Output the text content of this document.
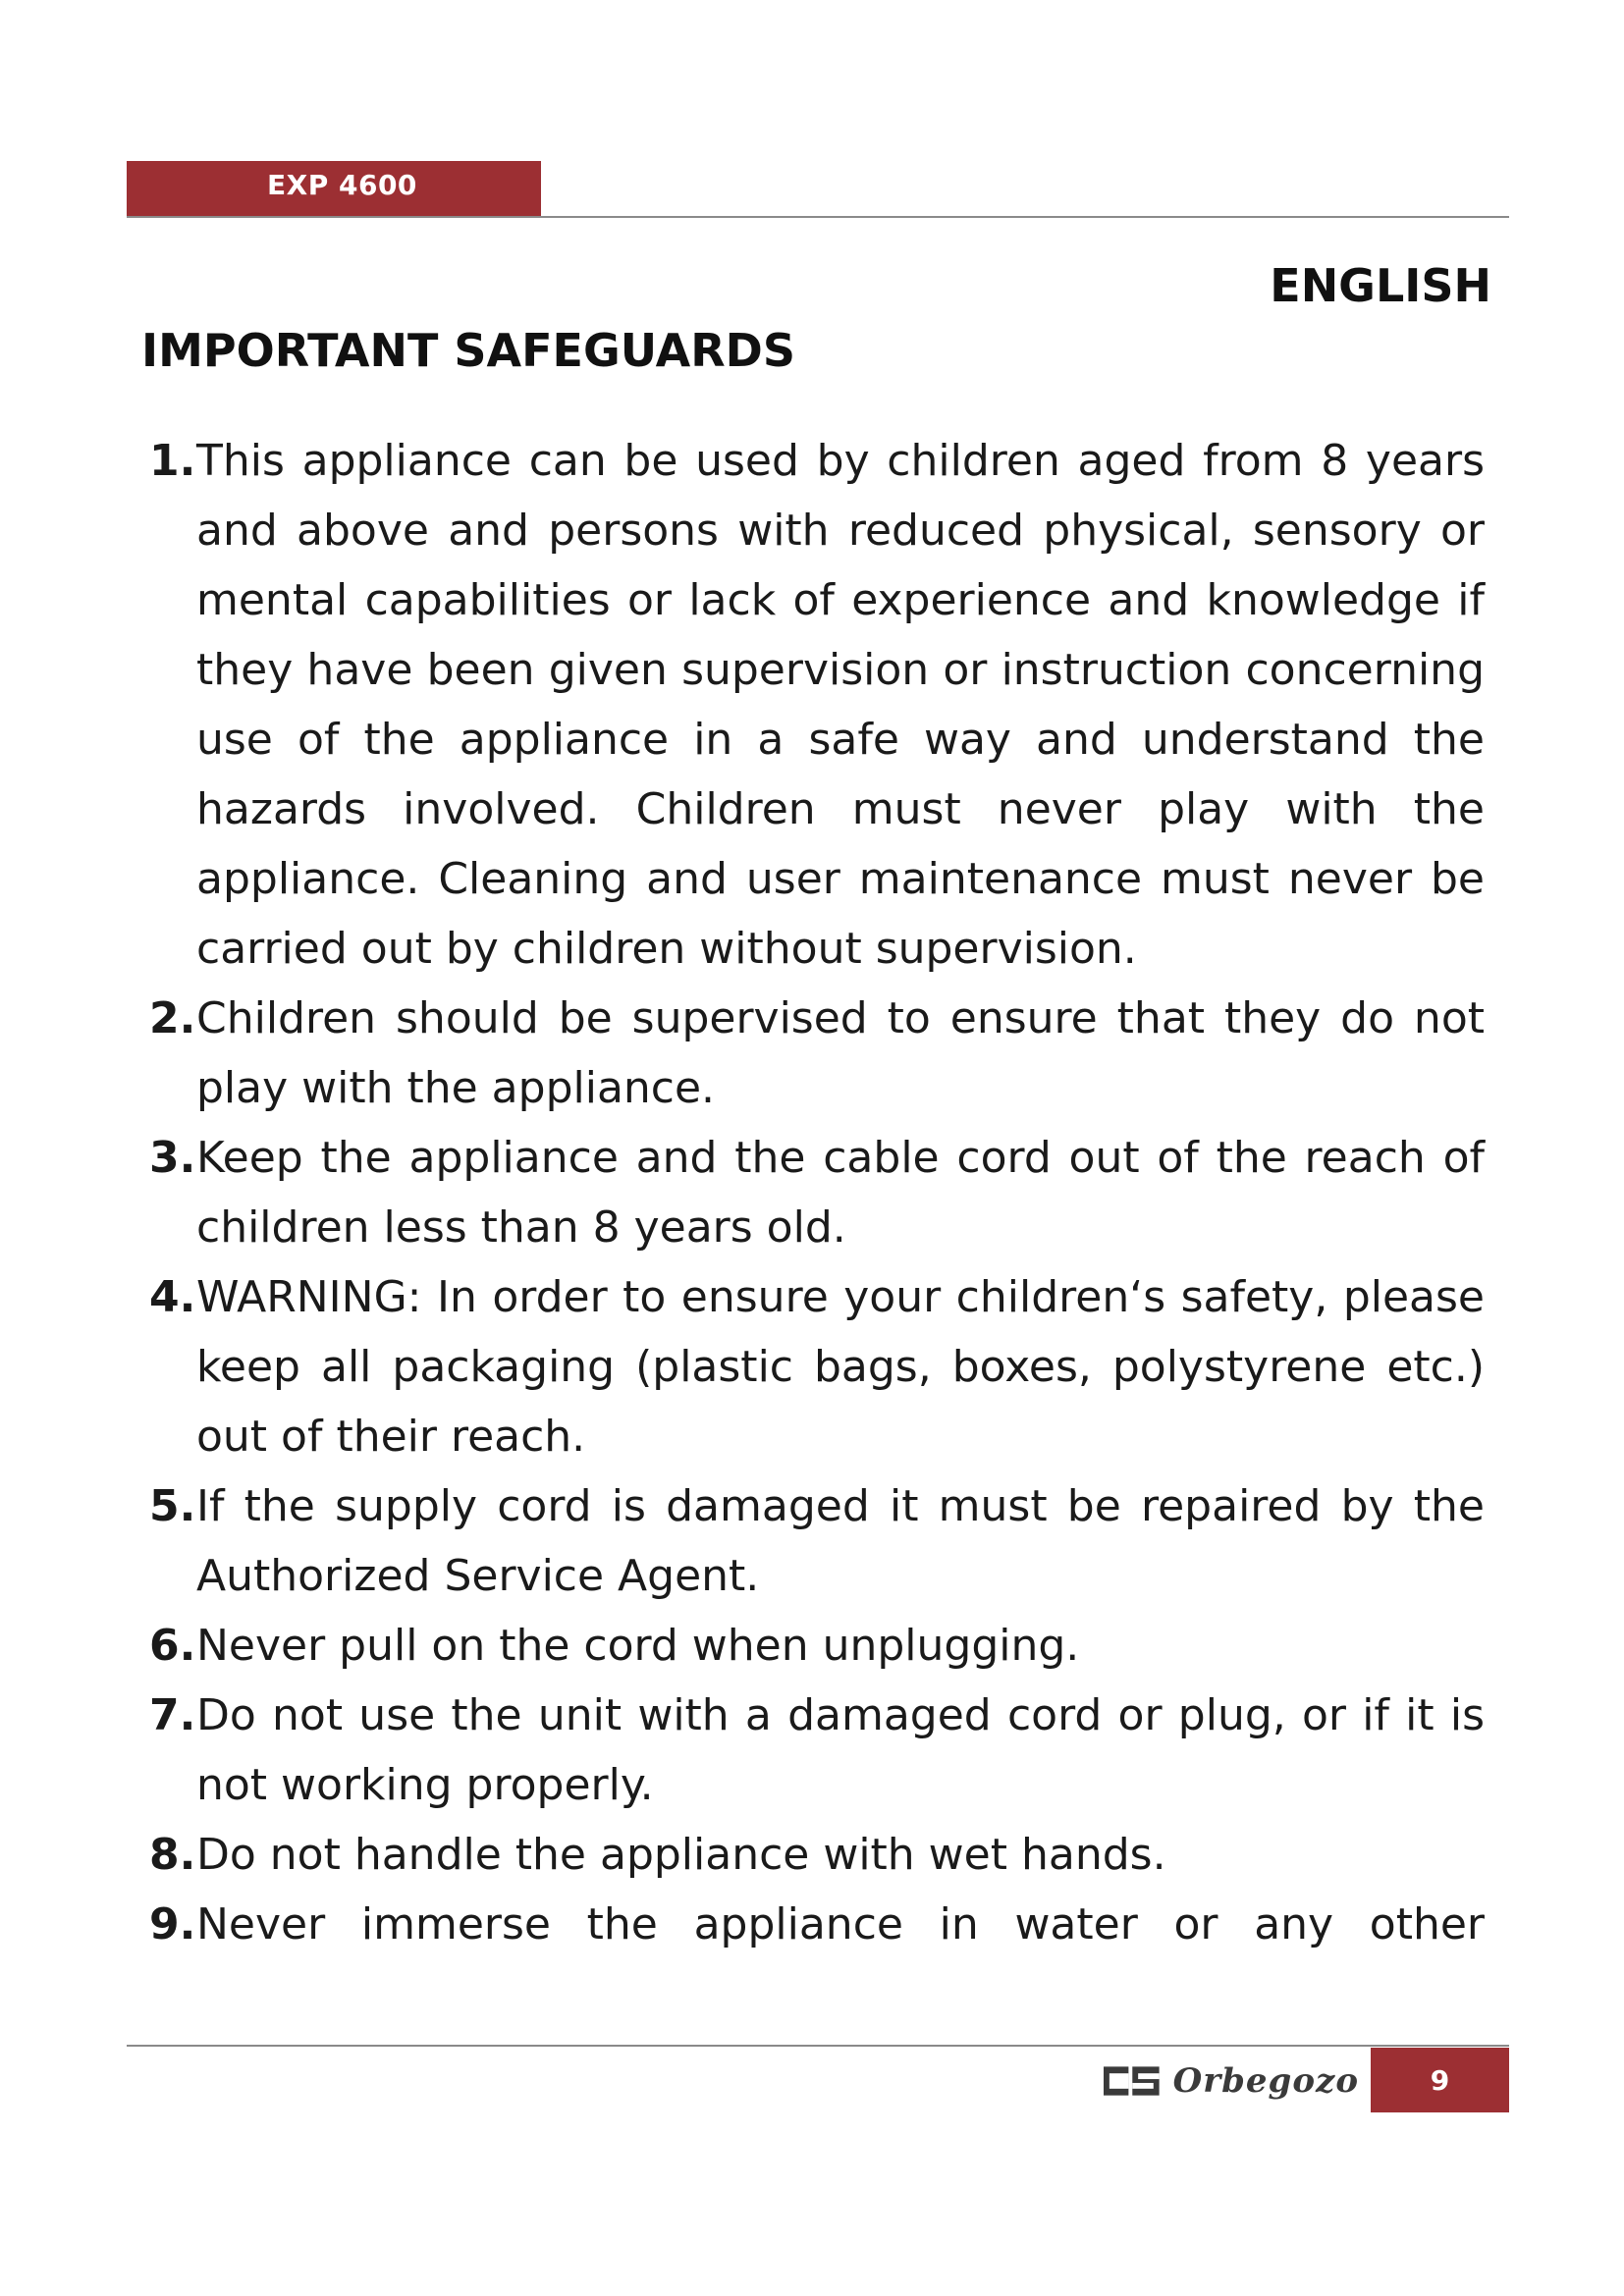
EXP 4600
ENGLISH
IMPORTANT SAFEGUARDS
1. This appliance can be used by children aged from 8 years and above and persons with reduced physical, sensory or mental capabilities or lack of experience and knowledge if they have been given supervision or instruction concerning use of the appliance in a safe way and understand the hazards involved. Children must never play with the appliance. Cleaning and user maintenance must never be carried out by children without supervision.
2. Children should be supervised to ensure that they do not play with the appliance.
3. Keep the appliance and the cable cord out of the reach of children less than 8 years old.
4. WARNING: In order to ensure your children‘s safety, please keep all packaging (plastic bags, boxes, polystyrene etc.) out of their reach.
5. If the supply cord is damaged it must be repaired by the Authorized Service Agent.
6. Never pull on the cord when unplugging.
7. Do not use the unit with a damaged cord or plug, or if it is not working properly.
8. Do not handle the appliance with wet hands.
9. Never immerse the appliance in water or any other
Orbegozo	9
